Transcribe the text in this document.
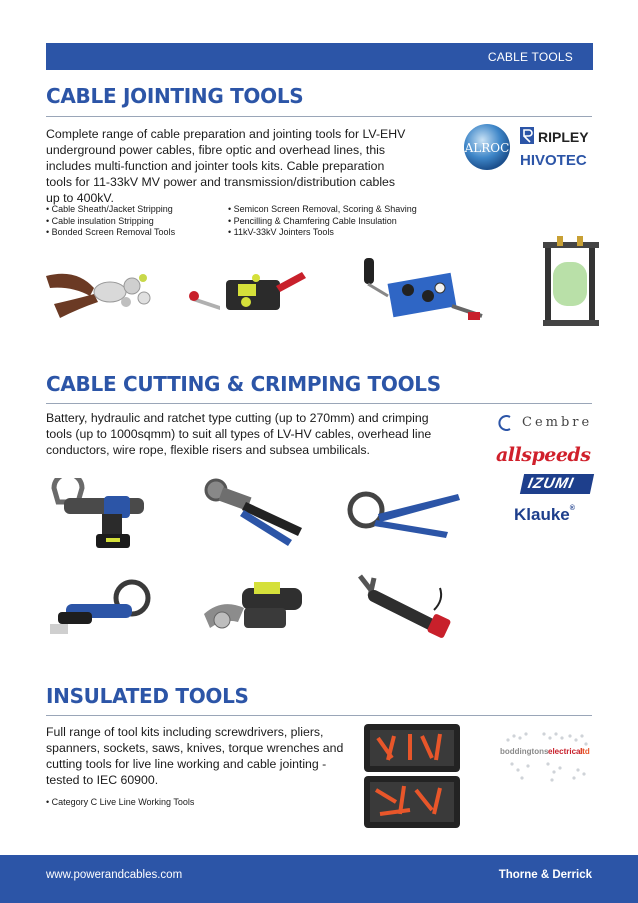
CABLE TOOLS
CABLE JOINTING TOOLS
Complete range of cable preparation and jointing tools for LV-EHV
underground power cables, fibre optic and overhead lines, this
includes multi-function and jointer tools kits. Cable preparation
tools for 11-33kV MV power and transmission/distribution cables
up to 400kV.
• Cable Sheath/Jacket Stripping
• Cable insulation Stripping
• Bonded Screen Removal Tools
• Semicon Screen Removal, Scoring & Shaving
• Pencilling & Chamfering Cable Insulation
• 11kV-33kV Jointers Tools
ALROC
RIPLEY
HIVOTEC
CABLE CUTTING & CRIMPING TOOLS
Battery, hydraulic and ratchet type cutting (up to 270mm) and crimping
tools (up to 1000sqmm) to suit all types of LV-HV cables, overhead line
conductors, wire rope, flexible risers and subsea umbilicals.
Cembre
allspeeds
IZUMI
Klauke®
INSULATED TOOLS
Full range of tool kits including screwdrivers, pliers,
spanners, sockets, saws, knives, torque wrenches and
cutting tools for live line working and cable jointing -
tested to IEC 60900.
• Category C Live Line Working Tools
boddingtons electrical
ltd
www.powerandcables.com	Thorne & Derrick
